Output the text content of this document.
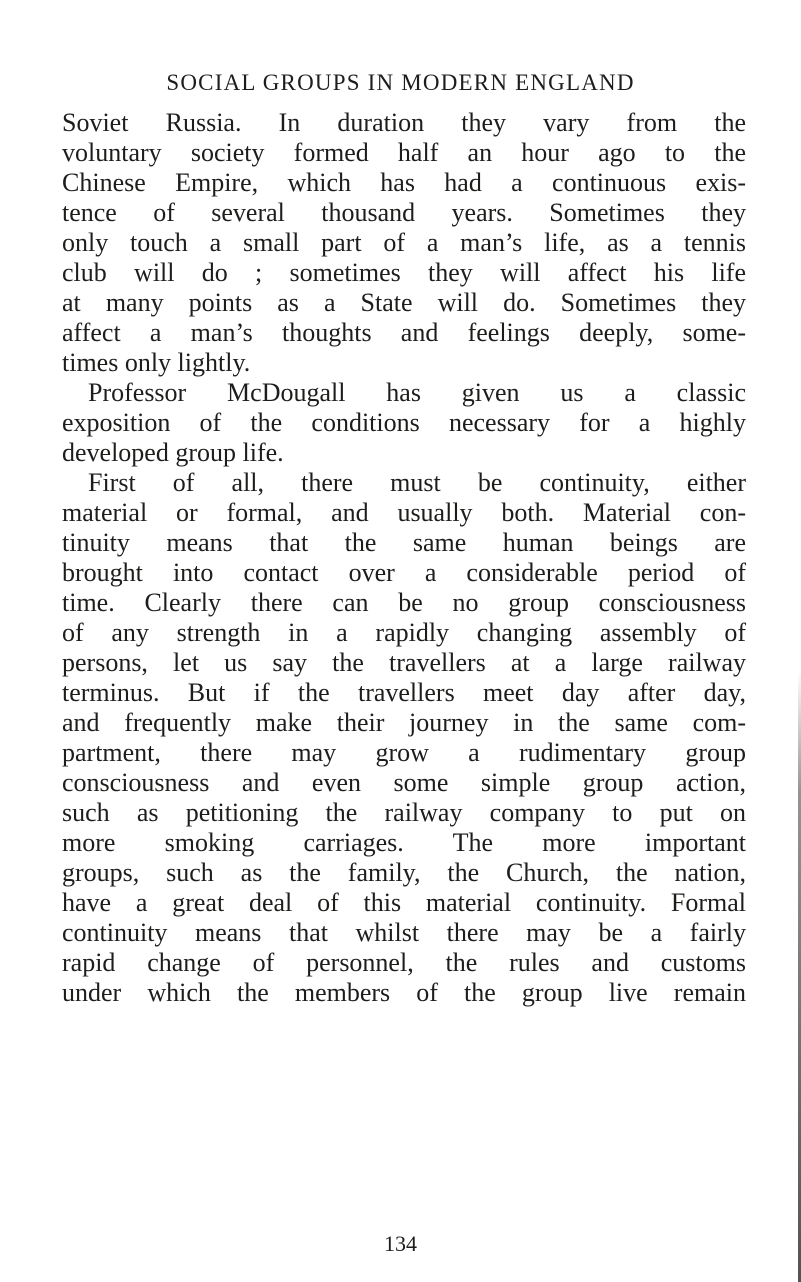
SOCIAL GROUPS IN MODERN ENGLAND
Soviet Russia. In duration they vary from the
voluntary society formed half an hour ago to the
Chinese Empire, which has had a continuous exis-
tence of several thousand years. Sometimes they
only touch a small part of a man’s life, as a tennis
club will do ; sometimes they will affect his life
at many points as a State will do. Sometimes they
affect a man’s thoughts and feelings deeply, some-
times only lightly.
Professor McDougall has given us a classic
exposition of the conditions necessary for a highly
developed group life.
First of all, there must be continuity, either
material or formal, and usually both. Material con-
tinuity means that the same human beings are
brought into contact over a considerable period of
time. Clearly there can be no group consciousness
of any strength in a rapidly changing assembly of
persons, let us say the travellers at a large railway
terminus. But if the travellers meet day after day,
and frequently make their journey in the same com-
partment, there may grow a rudimentary group
consciousness and even some simple group action,
such as petitioning the railway company to put on
more smoking carriages. The more important
groups, such as the family, the Church, the nation,
have a great deal of this material continuity. Formal
continuity means that whilst there may be a fairly
rapid change of personnel, the rules and customs
under which the members of the group live remain
134
